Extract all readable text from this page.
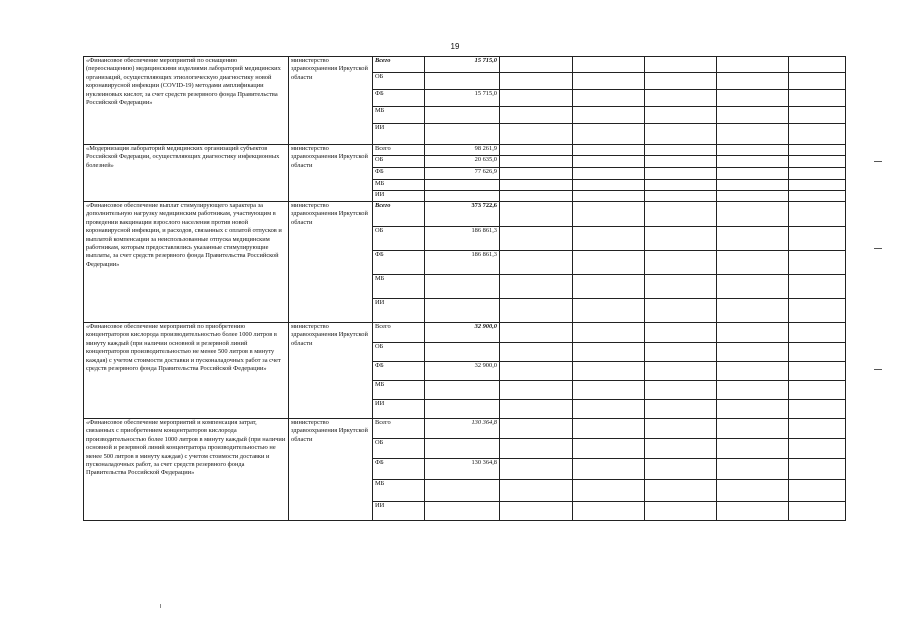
19
«Финансовое обеспечение мероприятий по оснащению (переоснащению) медицинскими изделиями лабораторий медицинских организаций, осуществляющих этиологическую диагностику новой коронавирусной инфекции (COVID-19) методами амплификации нуклеиновых кислот, за счет средств резервного фонда Правительства Российской Федерации»	министерство здравоохранения Иркутской области	Всего	15 715,0					
		ОБ						
		ФБ	15 715,0					
		МБ						
		ИИ						
«Модернизация лабораторий медицинских организаций субъектов Российской Федерации, осуществляющих диагностику инфекционных болезней»	министерство здравоохранения Иркутской области	Всего	98 261,9					
		ОБ	20 635,0					
		ФБ	77 626,9					
		МБ						
		ИИ						
«Финансовое обеспечение выплат стимулирующего характера за дополнительную нагрузку медицинским работникам, участвующим в проведении вакцинации взрослого населения против новой коронавирусной инфекции, и расходов, связанных с оплатой отпусков и выплатой компенсации за неиспользованные отпуска медицинским работникам, которым предоставлялись указанные стимулирующие выплаты, за счет средств резервного фонда Правительства Российской Федерации»	министерство здравоохранения Иркутской области	Всего	373 722,6					
		ОБ	186 861,3					
		ФБ	186 861,3					
		МБ						
		ИИ						
«Финансовое обеспечение мероприятий по приобретению концентраторов кислорода производительностью более 1000 литров в минуту каждый (при наличии основной и резервной линий концентраторов производительностью не менее 500 литров в минуту каждая) с учетом стоимости доставки и пусконаладочных работ за счет средств резервного фонда Правительства Российской Федерации»	министерство здравоохранения Иркутской области	Всего	32 900,0					
		ОБ						
		ФБ	32 900,0					
		МБ						
		ИИ						
«Финансовое обеспечение мероприятий и компенсация затрат, связанных с приобретением концентраторов кислорода производительностью более 1000 литров в минуту каждый (при наличии основной и резервной линий концентратора производительностью не менее 500 литров в минуту каждая) с учетом стоимости доставки и пусконаладочных работ, за счет средств резервного фонда Правительства Российской Федерации»	министерство здравоохранения Иркутской области	Всего	130 364,8					
		ОБ						
		ФБ	130 364,8					
		МБ						
		ИИ						
